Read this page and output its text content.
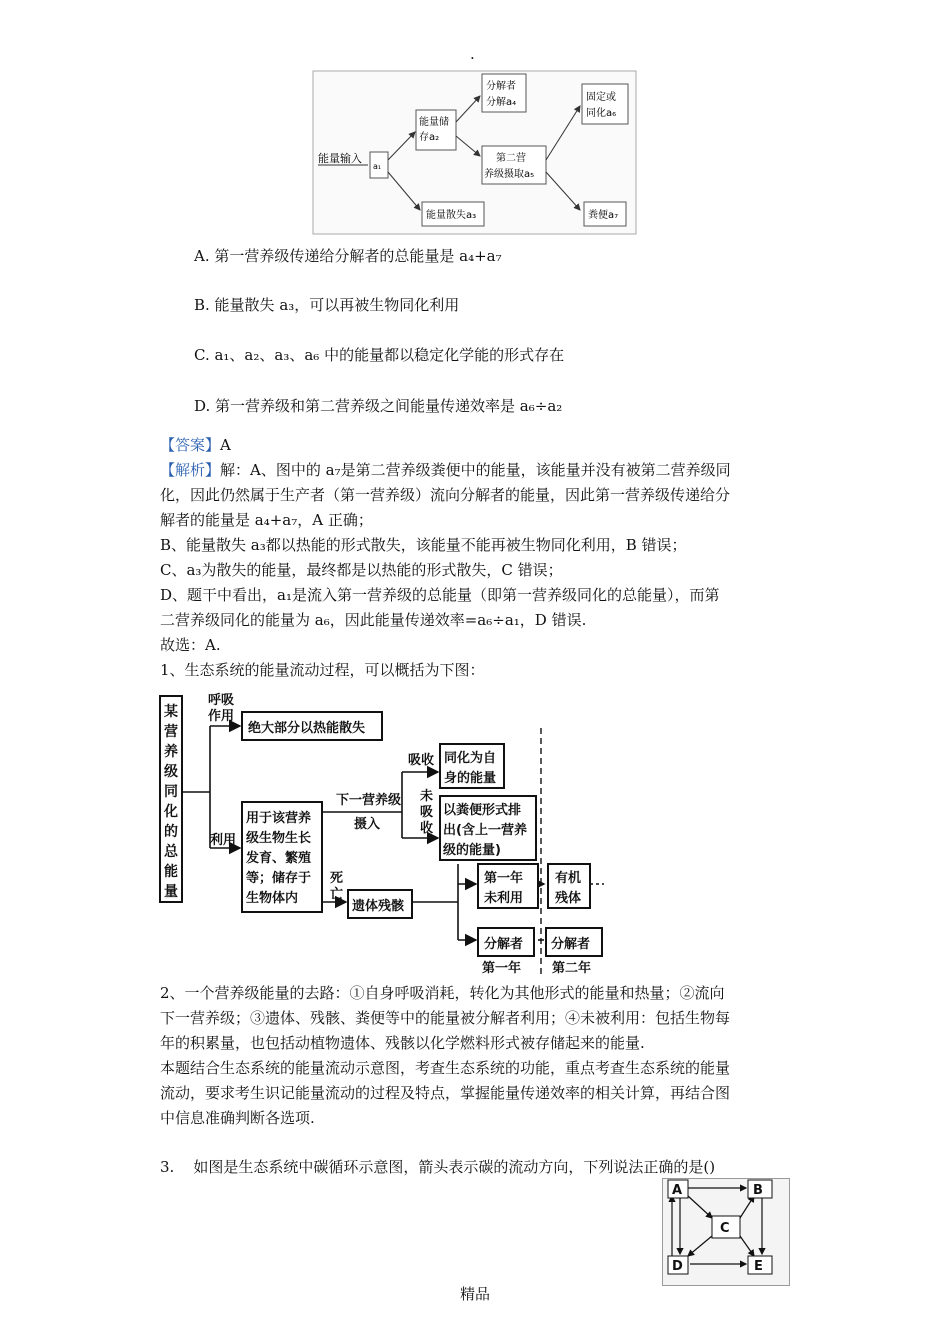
.
能量输入
a₁
能量储
存a₂
能量散失a₃
分解者
分解a₄
第二营
养级摄取a₅
固定或
同化a₆
粪便a₇
A. 第一营养级传递给分解者的总能量是 a₄+a₇
B. 能量散失 a₃，可以再被生物同化利用
C. a₁、a₂、a₃、a₆ 中的能量都以稳定化学能的形式存在
D. 第一营养级和第二营养级之间能量传递效率是 a₆÷a₂
【答案】A
【解析】解：A、图中的 a₇是第二营养级粪便中的能量，该能量并没有被第二营养级同
化，因此仍然属于生产者（第一营养级）流向分解者的能量，因此第一营养级传递给分
解者的能量是 a₄+a₇，A 正确；
B、能量散失 a₃都以热能的形式散失，该能量不能再被生物同化利用，B 错误；
C、a₃为散失的能量，最终都是以热能的形式散失，C 错误；
D、题干中看出，a₁是流入第一营养级的总能量（即第一营养级同化的总能量），而第
二营养级同化的能量为 a₆，因此能量传递效率=a₆÷a₁，D 错误.
故选：A.
1、生态系统的能量流动过程，可以概括为下图：
某
营
养
级
同
化
的
总
能
量
呼吸
作用
绝大部分以热能散失
利用
用于该营养
级生物生长
发育、繁殖
等；储存于
生物体内
下一营养级
摄入
吸收 同化为自
身的能量
未
吸
收
以粪便形式排
出(含上一营养
级的能量)
死
亡
遗体残骸
第一年
未利用
有机
残体
分解者 分解者
第一年 第二年
2、一个营养级能量的去路：①自身呼吸消耗，转化为其他形式的能量和热量；②流向
下一营养级；③遗体、残骸、粪便等中的能量被分解者利用；④未被利用：包括生物每
年的积累量，也包括动植物遗体、残骸以化学燃料形式被存储起来的能量.
本题结合生态系统的能量流动示意图，考查生态系统的功能，重点考查生态系统的能量
流动，要求考生识记能量流动的过程及特点，掌握能量传递效率的相关计算，再结合图
中信息准确判断各选项.
3. 如图是生态系统中碳循环示意图，箭头表示碳的流动方向，下列说法正确的是()
A	B
C
D	E
精品
